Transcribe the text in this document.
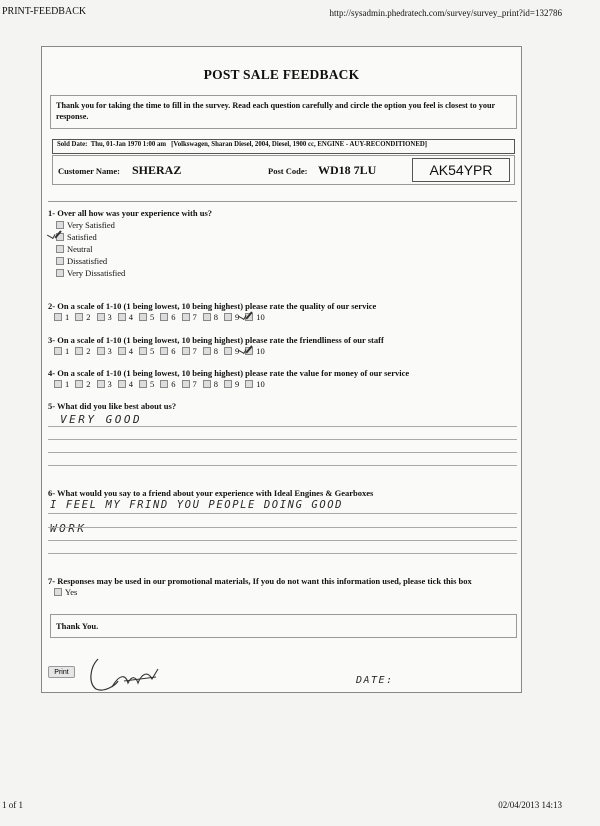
PRINT-FEEDBACK	http://sysadmin.phedratech.com/survey/survey_print?id=132786
POST SALE FEEDBACK
Thank you for taking the time to fill in the survey. Read each question carefully and circle the option you feel is closest to your response.
Sold Date: Thu, 01-Jan 1970 1:00 am [Volkswagen, Sharan Diesel, 2004, Diesel, 1900 cc, ENGINE - AUY-RECONDITIONED]
Customer Name: SHERAZ	Post Code: WD18 7LU	AK54YPR
1- Over all how was your experience with us?
Very Satisfied
Satisfied
Neutral
Dissatisfied
Very Dissatisfied
2- On a scale of 1-10 (1 being lowest, 10 being highest) please rate the quality of our service
1 2 3 4 5 6 7 8 9 10
3- On a scale of 1-10 (1 being lowest, 10 being highest) please rate the friendliness of our staff
1 2 3 4 5 6 7 8 9 10
4- On a scale of 1-10 (1 being lowest, 10 being highest) please rate the value for money of our service
1 2 3 4 5 6 7 8 9 10
5- What did you like best about us?
VERY GOOD
6- What would you say to a friend about your experience with Ideal Engines & Gearboxes
I FEEL MY FRIND YOU PEOPLE DOING GOOD
WORK
7- Responses may be used in our promotional materials, If you do not want this information used, please tick this box
Yes
Thank You.
Print
DATE:
1 of 1	02/04/2013 14:13
